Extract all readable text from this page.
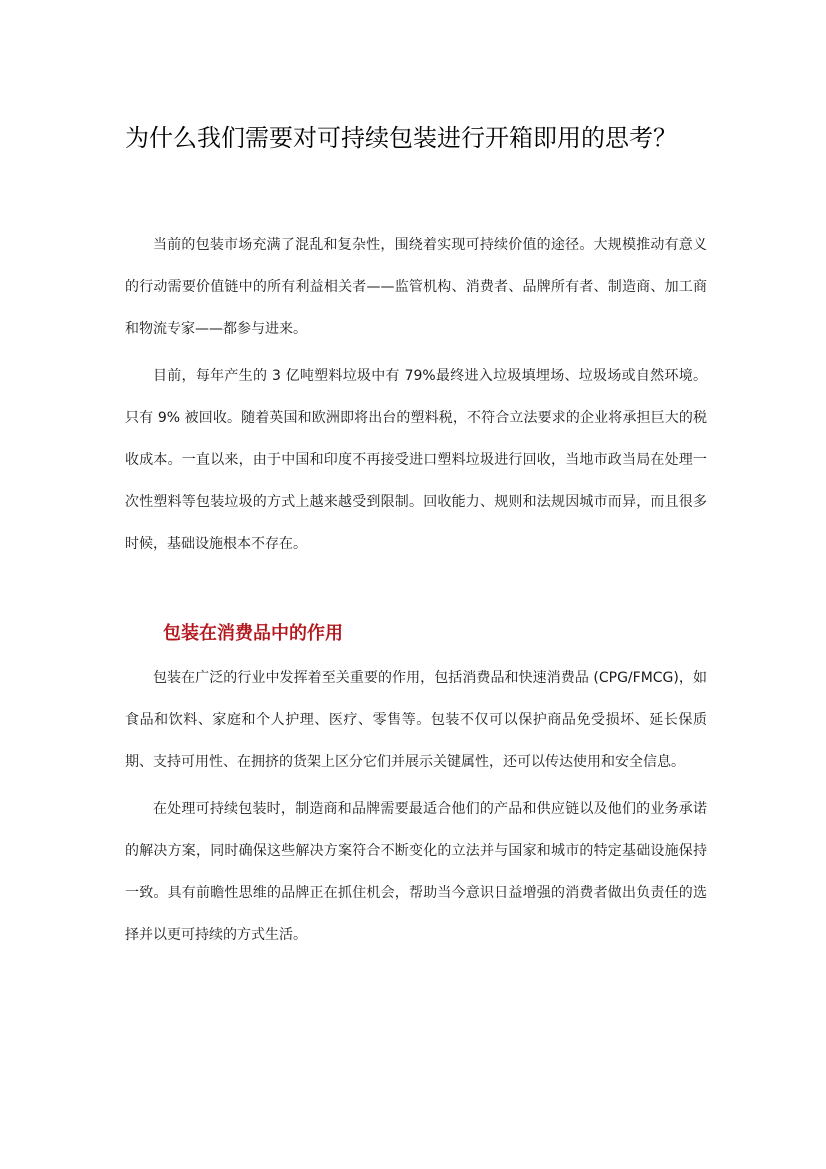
为什么我们需要对可持续包装进行开箱即用的思考？

当前的包装市场充满了混乱和复杂性，围绕着实现可持续价值的途径。大规模推动有意义的行动需要价值链中的所有利益相关者——监管机构、消费者、品牌所有者、制造商、加工商和物流专家——都参与进来。

目前，每年产生的 3 亿吨塑料垃圾中有 79%最终进入垃圾填埋场、垃圾场或自然环境。只有 9% 被回收。随着英国和欧洲即将出台的塑料税，不符合立法要求的企业将承担巨大的税收成本。一直以来，由于中国和印度不再接受进口塑料垃圾进行回收，当地市政当局在处理一次性塑料等包装垃圾的方式上越来越受到限制。回收能力、规则和法规因城市而异，而且很多时候，基础设施根本不存在。

包装在消费品中的作用

包装在广泛的行业中发挥着至关重要的作用，包括消费品和快速消费品 (CPG/FMCG)，如食品和饮料、家庭和个人护理、医疗、零售等。包装不仅可以保护商品免受损坏、延长保质期、支持可用性、在拥挤的货架上区分它们并展示关键属性，还可以传达使用和安全信息。

在处理可持续包装时，制造商和品牌需要最适合他们的产品和供应链以及他们的业务承诺的解决方案，同时确保这些解决方案符合不断变化的立法并与国家和城市的特定基础设施保持一致。具有前瞻性思维的品牌正在抓住机会，帮助当今意识日益增强的消费者做出负责任的选择并以更可持续的方式生活。
